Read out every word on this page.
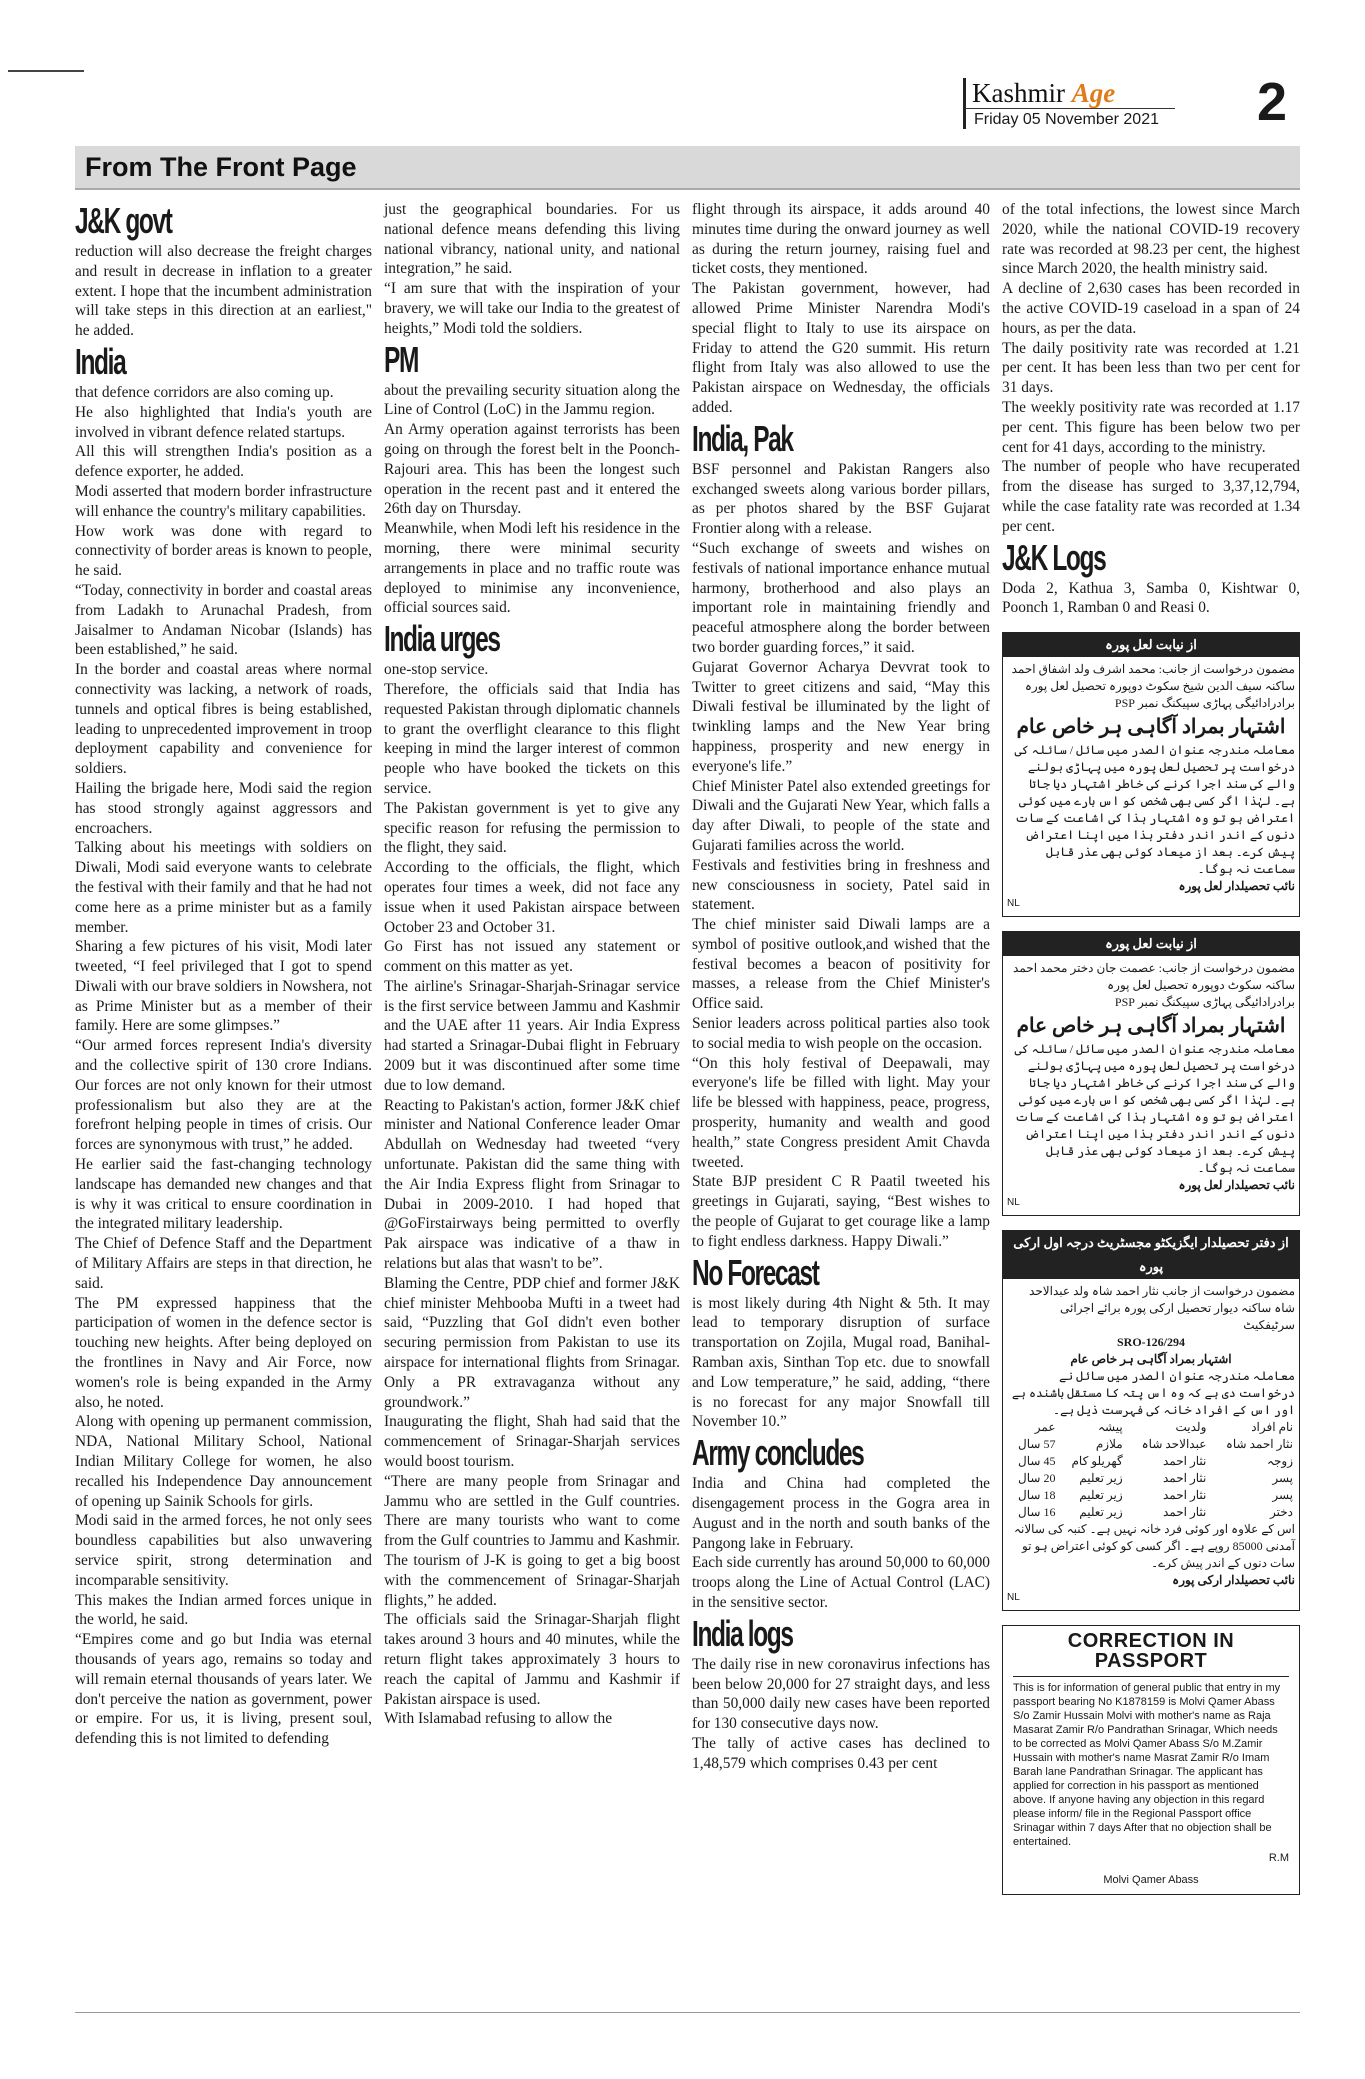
Kashmir Age
Friday 05 November 2021 2
From The Front Page
J&K govt

reduction will also decrease the freight charges and result in decrease in inflation to a greater extent. I hope that the incumbent administration will take steps in this direction at an earliest," he added.

India

that defence corridors are also coming up.

He also highlighted that India's youth are involved in vibrant defence related startups.

All this will strengthen India's position as a defence exporter, he added.

Modi asserted that modern border infrastructure will enhance the country's military capabilities.

How work was done with regard to connectivity of border areas is known to people, he said.

“Today, connectivity in border and coastal areas from Ladakh to Arunachal Pradesh, from Jaisalmer to Andaman Nicobar (Islands) has been established,” he said.

In the border and coastal areas where normal connectivity was lacking, a network of roads, tunnels and optical fibres is being established, leading to unprecedented improvement in troop deployment capability and convenience for soldiers.

Hailing the brigade here, Modi said the region has stood strongly against aggressors and encroachers.

Talking about his meetings with soldiers on Diwali, Modi said everyone wants to celebrate the festival with their family and that he had not come here as a prime minister but as a family member.

Sharing a few pictures of his visit, Modi later tweeted, “I feel privileged that I got to spend Diwali with our brave soldiers in Nowshera, not as Prime Minister but as a member of their family. Here are some glimpses.”

“Our armed forces represent India's diversity and the collective spirit of 130 crore Indians. Our forces are not only known for their utmost professionalism but also they are at the forefront helping people in times of crisis. Our forces are synonymous with trust,” he added.

He earlier said the fast-changing technology landscape has demanded new changes and that is why it was critical to ensure coordination in the integrated military leadership.

The Chief of Defence Staff and the Department of Military Affairs are steps in that direction, he said.

The PM expressed happiness that the participation of women in the defence sector is touching new heights. After being deployed on the frontlines in Navy and Air Force, now women's role is being expanded in the Army also, he noted.

Along with opening up permanent commission, NDA, National Military School, National Indian Military College for women, he also recalled his Independence Day announcement of opening up Sainik Schools for girls.

Modi said in the armed forces, he not only sees boundless capabilities but also unwavering service spirit, strong determination and incomparable sensitivity.

This makes the Indian armed forces unique in the world, he said.

“Empires come and go but India was eternal thousands of years ago, remains so today and will remain eternal thousands of years later. We don't perceive the nation as government, power or empire. For us, it is living, present soul, defending this is not limited to defending

just the geographical boundaries. For us national defence means defending this living national vibrancy, national unity, and national integration,” he said.

“I am sure that with the inspiration of your bravery, we will take our India to the greatest of heights,” Modi told the soldiers.

PM

about the prevailing security situation along the Line of Control (LoC) in the Jammu region.

An Army operation against terrorists has been going on through the forest belt in the Poonch-Rajouri area. This has been the longest such operation in the recent past and it entered the 26th day on Thursday.

Meanwhile, when Modi left his residence in the morning, there were minimal security arrangements in place and no traffic route was deployed to minimise any inconvenience, official sources said.

India urges

one-stop service.

Therefore, the officials said that India has requested Pakistan through diplomatic channels to grant the overflight clearance to this flight keeping in mind the larger interest of common people who have booked the tickets on this service.

The Pakistan government is yet to give any specific reason for refusing the permission to the flight, they said.

According to the officials, the flight, which operates four times a week, did not face any issue when it used Pakistan airspace between October 23 and October 31.

Go First has not issued any statement or comment on this matter as yet.

The airline's Srinagar-Sharjah-Srinagar service is the first service between Jammu and Kashmir and the UAE after 11 years. Air India Express had started a Srinagar-Dubai flight in February 2009 but it was discontinued after some time due to low demand.

Reacting to Pakistan's action, former J&K chief minister and National Conference leader Omar Abdullah on Wednesday had tweeted “very unfortunate. Pakistan did the same thing with the Air India Express flight from Srinagar to Dubai in 2009-2010. I had hoped that @GoFirstairways being permitted to overfly Pak airspace was indicative of a thaw in relations but alas that wasn't to be”.

Blaming the Centre, PDP chief and former J&K chief minister Mehbooba Mufti in a tweet had said, “Puzzling that GoI didn't even bother securing permission from Pakistan to use its airspace for international flights from Srinagar. Only a PR extravaganza without any groundwork.”

Inaugurating the flight, Shah had said that the commencement of Srinagar-Sharjah services would boost tourism.

“There are many people from Srinagar and Jammu who are settled in the Gulf countries. There are many tourists who want to come from the Gulf countries to Jammu and Kashmir. The tourism of J-K is going to get a big boost with the commencement of Srinagar-Sharjah flights,” he added.

The officials said the Srinagar-Sharjah flight takes around 3 hours and 40 minutes, while the return flight takes approximately 3 hours to reach the capital of Jammu and Kashmir if Pakistan airspace is used.

With Islamabad refusing to allow the

flight through its airspace, it adds around 40 minutes time during the onward journey as well as during the return journey, raising fuel and ticket costs, they mentioned.

The Pakistan government, however, had allowed Prime Minister Narendra Modi's special flight to Italy to use its airspace on Friday to attend the G20 summit. His return flight from Italy was also allowed to use the Pakistan airspace on Wednesday, the officials added.

India, Pak

BSF personnel and Pakistan Rangers also exchanged sweets along various border pillars, as per photos shared by the BSF Gujarat Frontier along with a release.

“Such exchange of sweets and wishes on festivals of national importance enhance mutual harmony, brotherhood and also plays an important role in maintaining friendly and peaceful atmosphere along the border between two border guarding forces,” it said.

Gujarat Governor Acharya Devvrat took to Twitter to greet citizens and said, “May this Diwali festival be illuminated by the light of twinkling lamps and the New Year bring happiness, prosperity and new energy in everyone's life.”

Chief Minister Patel also extended greetings for Diwali and the Gujarati New Year, which falls a day after Diwali, to people of the state and Gujarati families across the world.

Festivals and festivities bring in freshness and new consciousness in society, Patel said in statement.

The chief minister said Diwali lamps are a symbol of positive outlook,and wished that the festival becomes a beacon of positivity for masses, a release from the Chief Minister's Office said.

Senior leaders across political parties also took to social media to wish people on the occasion.

“On this holy festival of Deepawali, may everyone's life be filled with light. May your life be blessed with happiness, peace, progress, prosperity, humanity and wealth and good health,” state Congress president Amit Chavda tweeted.

State BJP president C R Paatil tweeted his greetings in Gujarati, saying, “Best wishes to the people of Gujarat to get courage like a lamp to fight endless darkness. Happy Diwali.”

No Forecast

is most likely during 4th Night & 5th. It may lead to temporary disruption of surface transportation on Zojila, Mugal road, Banihal-Ramban axis, Sinthan Top etc. due to snowfall and Low temperature,” he said, adding, “there is no forecast for any major Snowfall till November 10.”

Army concludes

India and China had completed the disengagement process in the Gogra area in August and in the north and south banks of the Pangong lake in February.

Each side currently has around 50,000 to 60,000 troops along the Line of Actual Control (LAC) in the sensitive sector.

India logs

The daily rise in new coronavirus infections has been below 20,000 for 27 straight days, and less than 50,000 daily new cases have been reported for 130 consecutive days now.

The tally of active cases has declined to 1,48,579 which comprises 0.43 per cent

of the total infections, the lowest since March 2020, while the national COVID-19 recovery rate was recorded at 98.23 per cent, the highest since March 2020, the health ministry said.

A decline of 2,630 cases has been recorded in the active COVID-19 caseload in a span of 24 hours, as per the data.

The daily positivity rate was recorded at 1.21 per cent. It has been less than two per cent for 31 days.

The weekly positivity rate was recorded at 1.17 per cent. This figure has been below two per cent for 41 days, according to the ministry.

The number of people who have recuperated from the disease has surged to 3,37,12,794, while the case fatality rate was recorded at 1.34 per cent.

J&K Logs

Doda 2, Kathua 3, Samba 0, Kishtwar 0, Poonch 1, Ramban 0 and Reasi 0.

از نیابت لعل پورہ
مضمون درخواست از جانب: محمد اشرف ولد اشفاق احمد ساکنہ سیف الدین شیخ سکوٹ دوپورہ تحصیل لعل پورہ
برادرادائیگی پہاڑی سپیکنگ نمبر PSP
اشتہار بمراد آگاہی ہر خاص عام
معاملہ مندرجہ عنوان الصدر میں سائل / سائلہ کی درخواست پر تحصیل لعل پورہ میں پہاڑی بولنے والے کی سند اجرا کرنے کی خاطر اشتہار دیا جاتا ہے۔ لہٰذا اگر کسی بھی شخص کو اس بارے میں کوئی اعتراض ہو تو وہ اشتہار ہذا کی اشاعت کے سات دنوں کے اندر اندر دفتر ہذا میں اپنا اعتراض پیش کرے۔ بعد از میعاد کوئی بھی عذر قابل سماعت نہ ہوگا۔
نائب تحصیلدار لعل پورہ
NL
از نیابت لعل پورہ
مضمون درخواست از جانب: عصمت جان دختر محمد احمد ساکنہ سکوٹ دوپورہ تحصیل لعل پورہ
برادرادائیگی پہاڑی سپیکنگ نمبر PSP
اشتہار بمراد آگاہی ہر خاص عام
معاملہ مندرجہ عنوان الصدر میں سائل / سائلہ کی درخواست پر تحصیل لعل پورہ میں پہاڑی بولنے والے کی سند اجرا کرنے کی خاطر اشتہار دیا جاتا ہے۔ لہٰذا اگر کسی بھی شخص کو اس بارے میں کوئی اعتراض ہو تو وہ اشتہار ہذا کی اشاعت کے سات دنوں کے اندر اندر دفتر ہذا میں اپنا اعتراض پیش کرے۔ بعد از میعاد کوئی بھی عذر قابل سماعت نہ ہوگا۔
نائب تحصیلدار لعل پورہ
NL
از دفتر تحصیلدار ایگزیکٹو مجسٹریٹ درجہ اول ارکی پورہ
مضمون درخواست از جانب نثار احمد شاہ ولد عبدالاحد شاہ ساکنہ دیوار تحصیل ارکی پورہ برائے اجرائی سرٹیفکیٹ
SRO-126/294
اشتہار بمراد آگاہی ہر خاص عام
معاملہ مندرجہ عنوان الصدر میں سائل نے درخواست دی ہے کہ وہ اس پتہ کا مستقل باشندہ ہے اور اس کے افراد خانہ کی فہرست ذیل ہے۔
نام افراد	ولدیت	پیشہ	عمر
نثار احمد شاہ	عبدالاحد شاہ	ملازم	57 سال
زوجہ	نثار احمد	گھریلو کام	45 سال
پسر	نثار احمد	زیر تعلیم	20 سال
پسر	نثار احمد	زیر تعلیم	18 سال
دختر	نثار احمد	زیر تعلیم	16 سال
اس کے علاوہ اور کوئی فرد خانہ نہیں ہے۔ کنبہ کی سالانہ آمدنی 85000 روپے ہے۔ اگر کسی کو کوئی اعتراض ہو تو سات دنوں کے اندر پیش کرے۔
نائب تحصیلدار ارکی پورہ
NL
CORRECTION IN PASSPORT
This is for information of general public that entry in my passport bearing No K1878159 is Molvi Qamer Abass S/o Zamir Hussain Molvi with mother's name as Raja Masarat Zamir R/o Pandrathan Srinagar, Which needs to be corrected as Molvi Qamer Abass S/o M.Zamir Hussain with mother's name Masrat Zamir R/o Imam Barah lane Pandrathan Srinagar. The applicant has applied for correction in his passport as mentioned above. If anyone having any objection in this regard please inform/ file in the Regional Passport office Srinagar within 7 days After that no objection shall be entertained.
R.M
Molvi Qamer Abass
